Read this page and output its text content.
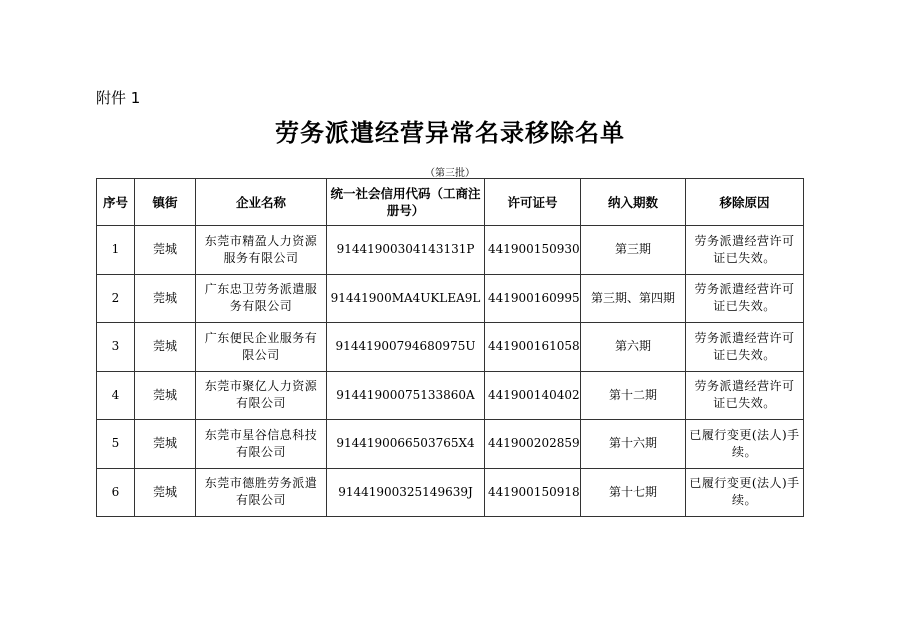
附件 1
劳务派遣经营异常名录移除名单
（第三批）
序号	镇街	企业名称	统一社会信用代码（工商注册号）	许可证号	纳入期数	移除原因
1	莞城	东莞市精盈人力资源服务有限公司	91441900304143131P	441900150930	第三期	劳务派遣经营许可证已失效。
2	莞城	广东忠卫劳务派遣服务有限公司	91441900MA4UKLEA9L	441900160995	第三期、第四期	劳务派遣经营许可证已失效。
3	莞城	广东便民企业服务有限公司	91441900794680975U	441900161058	第六期	劳务派遣经营许可证已失效。
4	莞城	东莞市聚亿人力资源有限公司	91441900075133860A	441900140402	第十二期	劳务派遣经营许可证已失效。
5	莞城	东莞市星谷信息科技有限公司	9144190066503765X4	441900202859	第十六期	已履行变更(法人)手续。
6	莞城	东莞市德胜劳务派遣有限公司	91441900325149639J	441900150918	第十七期	已履行变更(法人)手续。
